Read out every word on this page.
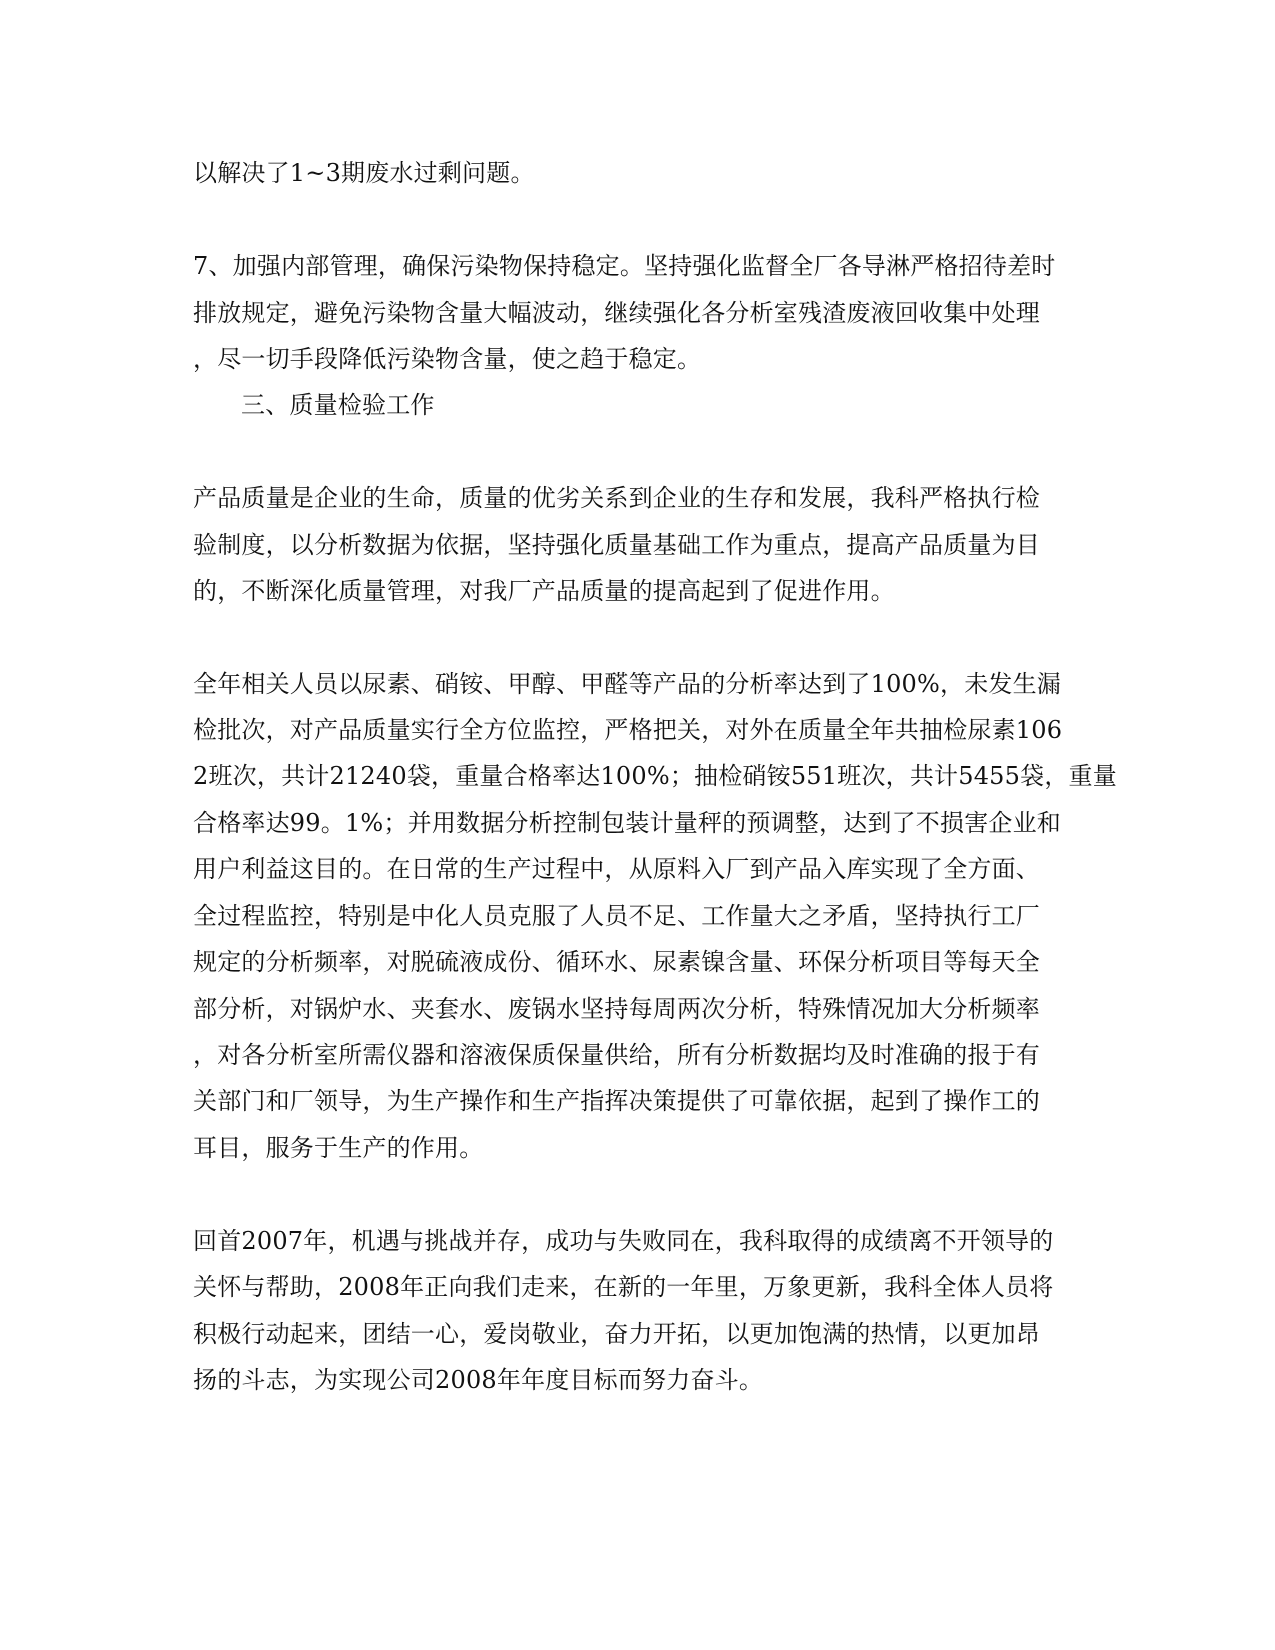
以解决了1~3期废水过剩问题。

7、加强内部管理，确保污染物保持稳定。坚持强化监督全厂各导淋严格招待差时

排放规定，避免污染物含量大幅波动，继续强化各分析室残渣废液回收集中处理

，尽一切手段降低污染物含量，使之趋于稳定。

三、质量检验工作

产品质量是企业的生命，质量的优劣关系到企业的生存和发展，我科严格执行检

验制度，以分析数据为依据，坚持强化质量基础工作为重点，提高产品质量为目

的，不断深化质量管理，对我厂产品质量的提高起到了促进作用。

全年相关人员以尿素、硝铵、甲醇、甲醛等产品的分析率达到了100%，未发生漏

检批次，对产品质量实行全方位监控，严格把关，对外在质量全年共抽检尿素106

2班次，共计21240袋，重量合格率达100%；抽检硝铵551班次，共计5455袋，重量

合格率达99。1%；并用数据分析控制包装计量秤的预调整，达到了不损害企业和

用户利益这目的。在日常的生产过程中，从原料入厂到产品入库实现了全方面、

全过程监控，特别是中化人员克服了人员不足、工作量大之矛盾，坚持执行工厂

规定的分析频率，对脱硫液成份、循环水、尿素镍含量、环保分析项目等每天全

部分析，对锅炉水、夹套水、废锅水坚持每周两次分析，特殊情况加大分析频率

，对各分析室所需仪器和溶液保质保量供给，所有分析数据均及时准确的报于有

关部门和厂领导，为生产操作和生产指挥决策提供了可靠依据，起到了操作工的

耳目，服务于生产的作用。

回首2007年，机遇与挑战并存，成功与失败同在，我科取得的成绩离不开领导的

关怀与帮助，2008年正向我们走来，在新的一年里，万象更新，我科全体人员将

积极行动起来，团结一心，爱岗敬业，奋力开拓，以更加饱满的热情，以更加昂

扬的斗志，为实现公司2008年年度目标而努力奋斗。
